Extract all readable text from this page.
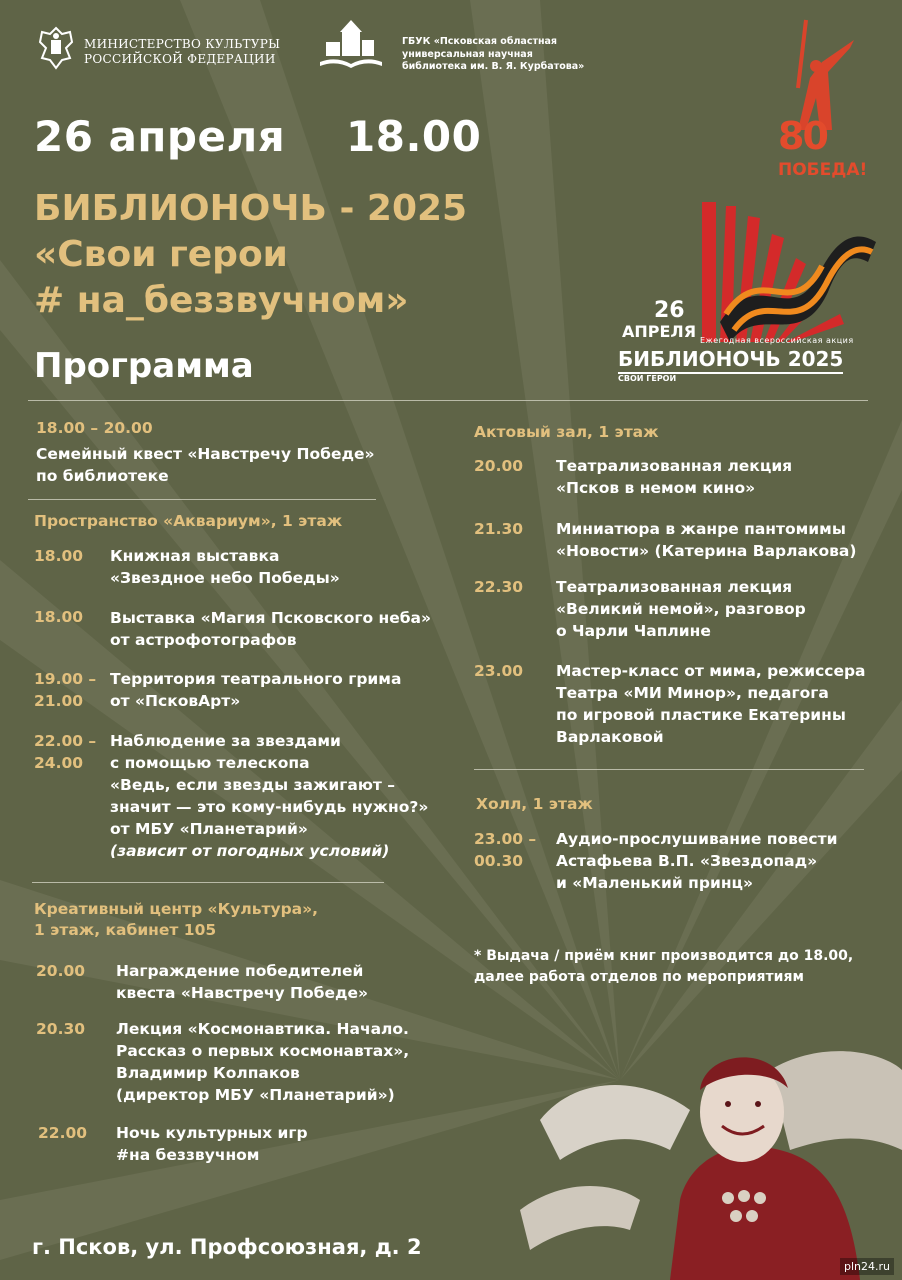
МИНИСТЕРСТВО КУЛЬТУРЫ
РОССИЙСКОЙ ФЕДЕРАЦИИ
ГБУК «Псковская областная
универсальная научная
библиотека им. В. Я. Курбатова»
80
ПОБЕДА!
26 апреля 18.00
БИБЛИОНОЧЬ - 2025
«Свои герои
# на_беззвучном»
Программа
26
АПРЕЛЯ Ежегодная всероссийская акция
БИБЛИОНОЧЬ 2025
СВОИ ГЕРОИ
18.00 – 20.00
Семейный квест «Навстречу Победе»
по библиотеке
Пространство «Аквариум», 1 этаж
18.00 Книжная выставка
«Звездное небо Победы»
18.00 Выставка «Магия Псковского неба»
от астрофотографов
19.00 –
21.00
Территория театрального грима
от «ПсковАрт»
22.00 –
24.00
Наблюдение за звездами
с помощью телескопа
«Ведь, если звезды зажигают –
значит — это кому-нибудь нужно?»
от МБУ «Планетарий»
(зависит от погодных условий)
Креативный центр «Культура»,
1 этаж, кабинет 105
20.00 Награждение победителей
квеста «Навстречу Победе»
20.30 Лекция «Космонавтика. Начало.
Рассказ о первых космонавтах»,
Владимир Колпаков
(директор МБУ «Планетарий»)
22.00 Ночь культурных игр
#на беззвучном
Актовый зал, 1 этаж
20.00 Театрализованная лекция
«Псков в немом кино»
21.30 Миниатюра в жанре пантомимы
«Новости» (Катерина Варлакова)
22.30 Театрализованная лекция
«Великий немой», разговор
о Чарли Чаплине
23.00 Мастер-класс от мима, режиссера
Театра «МИ Минор», педагога
по игровой пластике Екатерины
Варлаковой
Холл, 1 этаж
23.00 –
00.30
Аудио-прослушивание повести
Астафьева В.П. «Звездопад»
и «Маленький принц»
* Выдача / приём книг производится до 18.00,
далее работа отделов по мероприятиям
г. Псков, ул. Профсоюзная, д. 2
pln24.ru
